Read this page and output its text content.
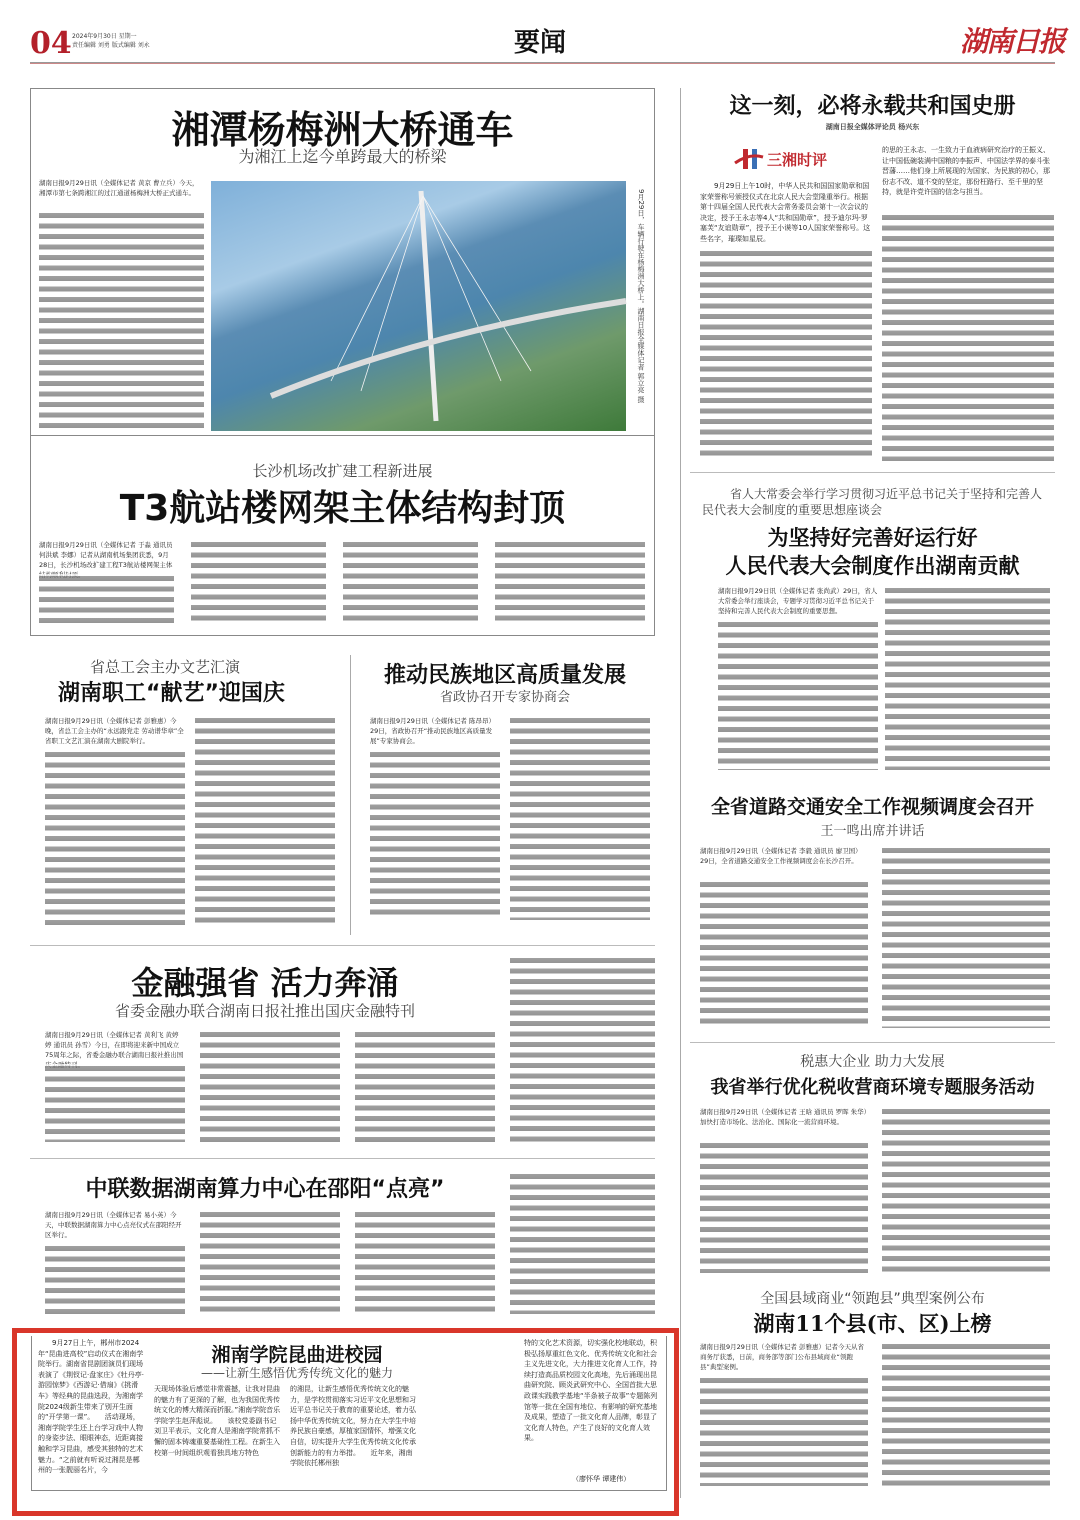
04 2024年9月30日 星期一
责任编辑 刘勇 版式编辑 刘永	要闻	湖南日报
湘潭杨梅洲大桥通车
为湘江上迄今单跨最大的桥梁
湖南日报9月29日讯（全媒体记者 黄京 曹立兵）今天，湘潭市第七条跨湘江的过江通道杨梅洲大桥正式通车。	9月29日，车辆行驶在杨梅洲大桥上。湖南日报全媒体记者 郭立亮 摄
长沙机场改扩建工程新进展
T3航站楼网架主体结构封顶
湖南日报9月29日讯（全媒体记者 于淼 通讯员 何洪斌 李娜）记者从湖南机场集团获悉，9月28日，长沙机场改扩建工程T3航站楼网架主体
省总工会主办文艺汇演
湖南职工“献艺”迎国庆
湖南日报9月29日讯（全媒体记者 彭雅惠）今晚，省总工会主办的“永远跟党走 劳动谱华章”全省职工文艺汇演在湖南大剧院举行。
推动民族地区高质量发展
省政协召开专家协商会
湖南日报9月29日讯（全媒体记者 陈昂昂）29日，省政协召开“推动民族地区高质量发展”专家协商会。
金融强省 活力奔涌
省委金融办联合湖南日报社推出国庆金融特刊
湖南日报9月29日讯（全媒体记者 黄利飞 黄婷婷 通讯员 孙雪）今日，在即将迎来新中国成立75周年之际，省委金融办联合湖南日报社推出国
中联数据湖南算力中心在邵阳“点亮”
湖南日报9月29日讯（全媒体记者 易小英）今天，中联数据湖南算力中心点亮仪式在邵阳经开区举行。
9月27日上午，郴州市2024年“昆曲进高校”启动仪式在湘南学院举行。湖南省昆剧团演员们现场表演了《荆钗记·盘家庄》《牡丹亭·游园惊梦》《西游记·借扇》《挑滑车》等经典的昆曲选段，为湘南学院2024级新生带来了别开生面的“开学第一课”。　　活动现场，湘南学院学生还上台学习戏中人物的身姿步法、眼眼神态，近距离接触和学习昆曲，感受其独特的艺术魅力。“之前就有听说过湘昆是郴州的一张靓丽名片，今
湘南学院昆曲进校园
——让新生感悟优秀传统文化的魅力
天现场体验后感觉非常震撼，让我对昆曲的魅力有了更深的了解，也为我国优秀传统文化的博大精深而折服。”湘南学院音乐学院学生赵萍彪说。　　该校党委副书记刘卫平表示，文化育人是湘南学院常抓不懈的固本铸魂重要基础性工程。在新生入校第一时间组织观看独具地方特色
的湘昆，让新生感悟优秀传统文化的魅力，是学校贯彻落实习近平文化思想和习近平总书记关于教育的重要论述，着力弘扬中华优秀传统文化，努力在大学生中培养民族自豪感，厚植家国情怀，增强文化自信，切实提升大学生优秀传统文化传承创新能力的有力举措。　　近年来，湘南学院依托郴州独
特的文化艺术资源，切实强化校地联动，积极弘扬厚重红色文化、优秀传统文化和社会主义先进文化，大力推进文化育人工作，持续打造高品质校园文化高地，先后涌现出昆曲研究院、顾炎武研究中心、全国首批大思政课实践教学基地“半条被子故事”专题陈列馆等一批在全国有地位、有影响的研究基地及成果，塑造了一批文化育人品牌，彰显了文化育人特色，产生了良好的文化育人效果。
（廖怀华 谭建伟）
这一刻，必将永载共和国史册
湖南日报全媒体评论员 杨兴东
三湘时评
9月29日上午10时，中华人民共和国国家勋章和国家荣誉称号颁授仪式在北京人民大会堂隆重举行。根据第十四届全国人民代表大会常务委员会第十一次会议的决定，授予王永志等4人“共和国勋章”，授予迪尔玛·罗塞芙“友谊勋章”，授予王小谟等10人国家荣誉称号。这些名字，璀璨如星辰。
的思的王永志、一生致力于血液病研究治疗的王振义、让中国低碗装满中国粮的李振声、中国法学界的泰斗张晋藩……他们身上所展现的为国家、为民族的初心，那份志不改、道不变的坚定，那份枉路行、至千里的坚持，就是许党许国的信念与担当。
省人大常委会举行学习贯彻习近平总书记关于坚持和完善人民代表大会制度的重要思想座谈会
为坚持好完善好运行好
人民代表大会制度作出湖南贡献
湖南日报9月29日讯（全媒体记者 张尚武）29日，省人大常委会举行座谈会，专题学习贯彻习近平总书记关于坚持和完善人民代表大会制度的重要思想。
全省道路交通安全工作视频调度会召开
王一鸣出席并讲话
湖南日报9月29日讯（全媒体记者 李毅 通讯员 廖卫国）29日，全省道路交通安全工作视频调度会在长沙召开。
税惠大企业 助力大发展
我省举行优化税收营商环境专题服务活动
湖南日报9月29日讯（全媒体记者 王晗 通讯员 罗晖 朱华）加快打造市场化、法治化、国际化一流营商环境。
全国县域商业“领跑县”典型案例公布
湖南11个县(市、区)上榜
湖南日报9月29日讯（全媒体记者 彭雅惠）记者今天从省商务厅获悉，日前，商务部等部门公布县域商业“领跑县”典型案例。
